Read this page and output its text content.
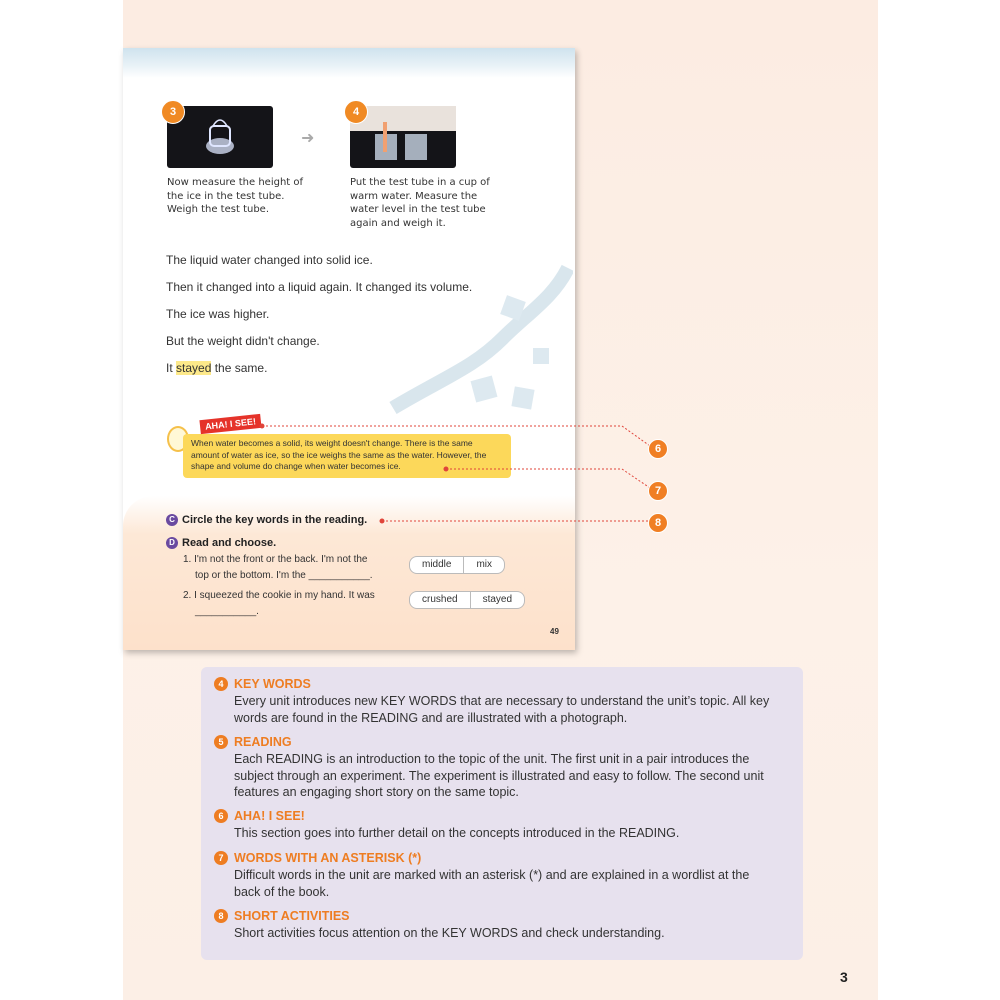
3
Now measure the height of the ice in the test tube. Weigh the test tube.
➜
4
Put the test tube in a cup of warm water. Measure the water level in the test tube again and weigh it.

The liquid water changed into solid ice.

Then it changed into a liquid again. It changed its volume.

The ice was higher.

But the weight didn't change.

It stayed the same.

When water becomes a solid, its weight doesn't change. There is the same amount of water as ice, so the ice weighs the same as the water. However, the shape and volume do change when water becomes ice.
AHA! I SEE!
C Circle the key words in the reading.
D Read and choose.
1. I'm not the front or the back. I'm not the
top or the bottom. I'm the ___________.
middle	mix
2. I squeezed the cookie in my hand. It was
___________.
crushed	stayed
49
6
7
8
4 KEY WORDS
Every unit introduces new KEY WORDS that are necessary to understand the unit’s topic. All key words are found in the READING and are illustrated with a photograph.
5 READING
Each READING is an introduction to the topic of the unit. The first unit in a pair introduces the subject through an experiment. The experiment is illustrated and easy to follow. The second unit features an engaging short story on the same topic.
6 AHA! I SEE!
This section goes into further detail on the concepts introduced in the READING.
7 WORDS WITH AN ASTERISK (*)
Difficult words in the unit are marked with an asterisk (*) and are explained in a wordlist at the back of the book.
8 SHORT ACTIVITIES
Short activities focus attention on the KEY WORDS and check understanding.
3
